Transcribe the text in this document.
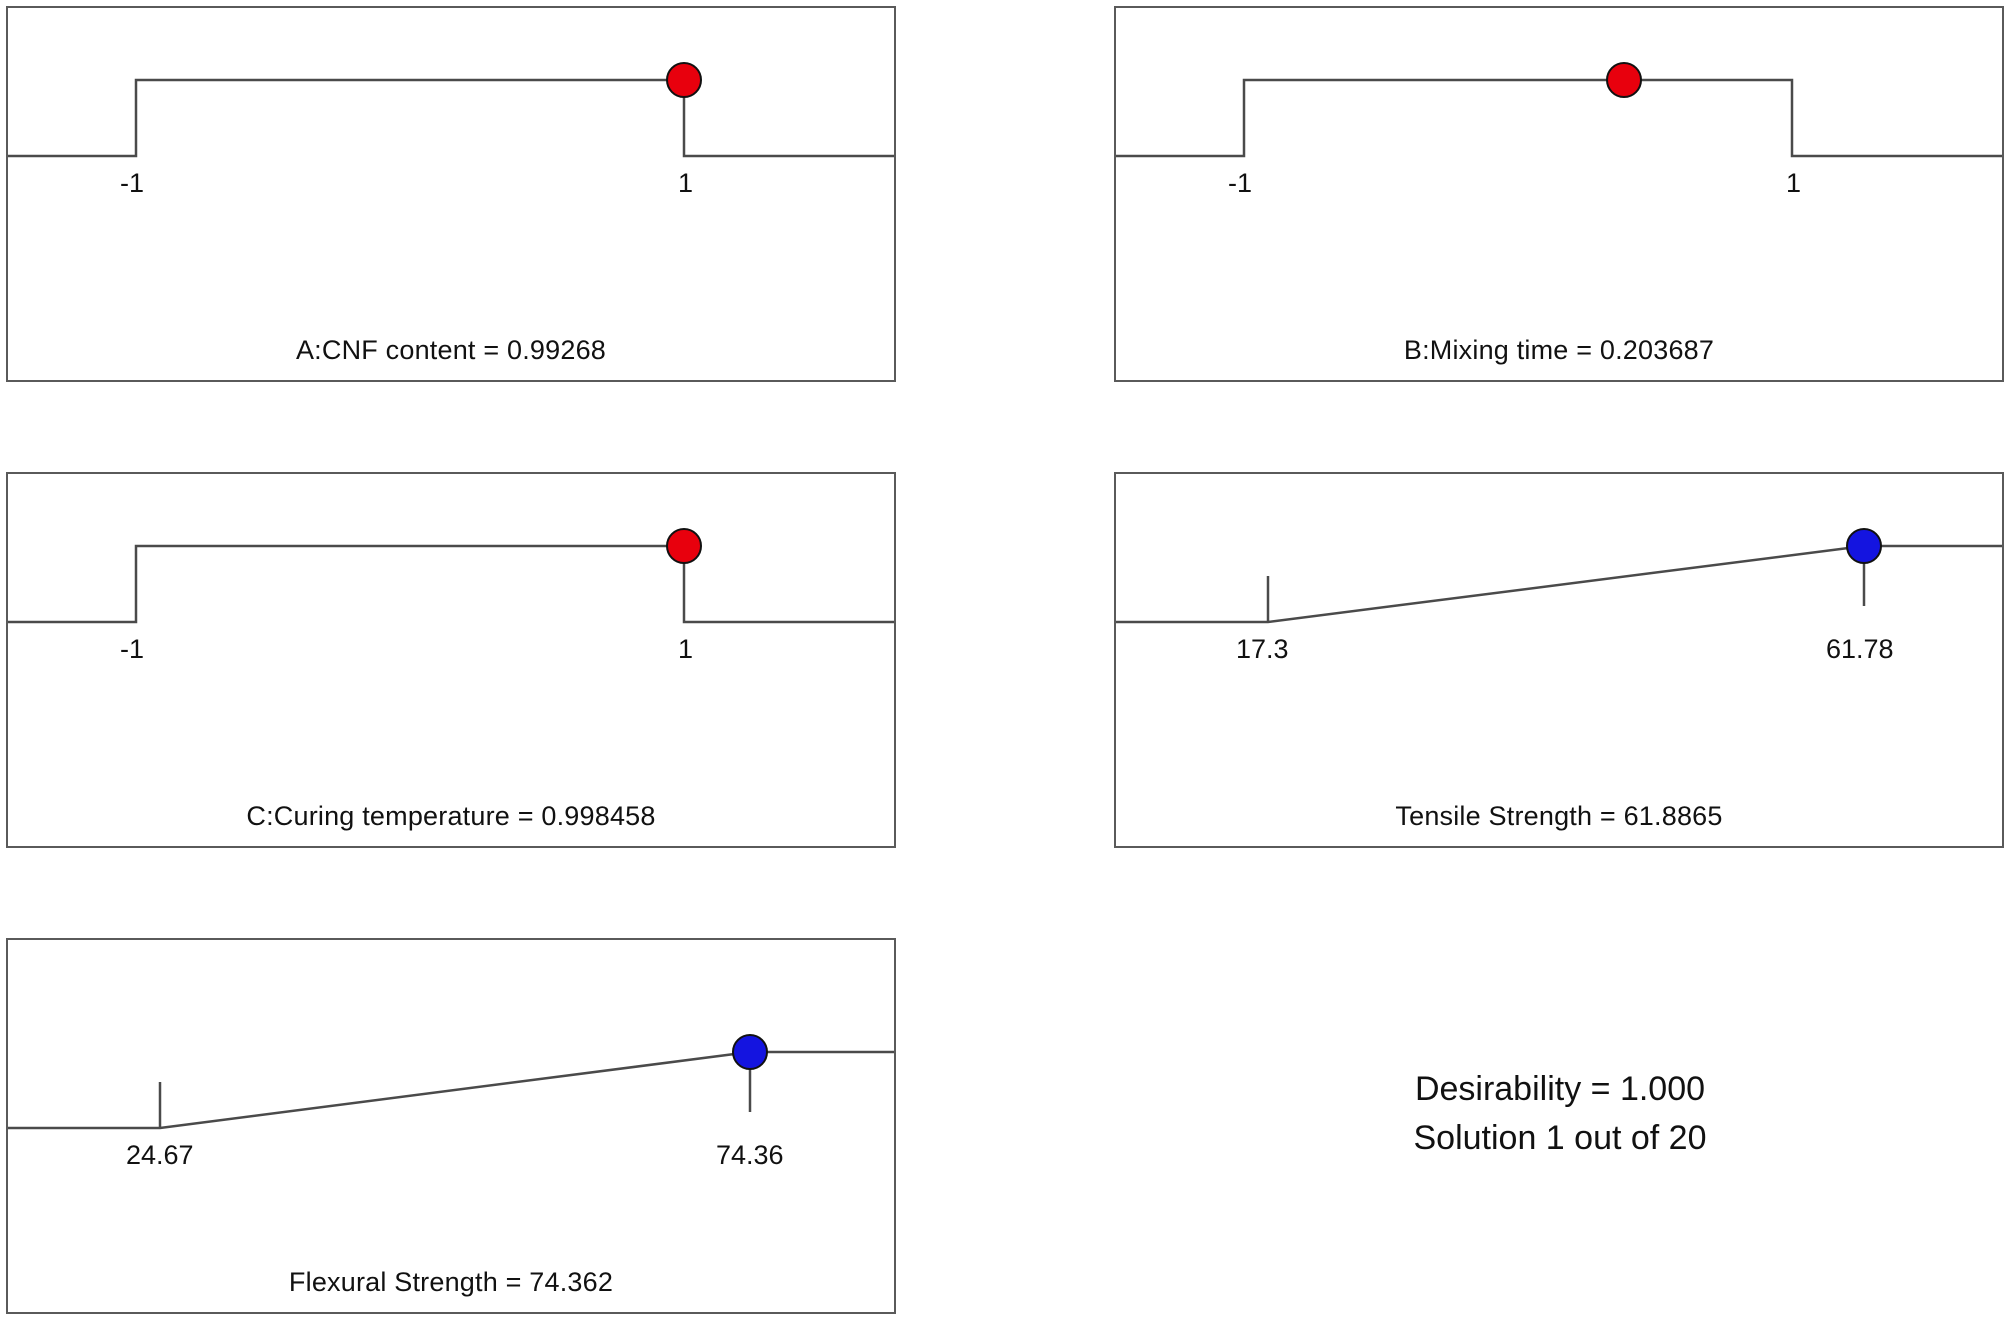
-1	1
A:CNF content = 0.99268
-1	1
B:Mixing time = 0.203687
-1	1
C:Curing temperature = 0.998458
17.3	61.78
Tensile Strength = 61.8865
24.67	74.36
Flexural Strength = 74.362
Desirability = 1.000
Solution 1 out of 20
